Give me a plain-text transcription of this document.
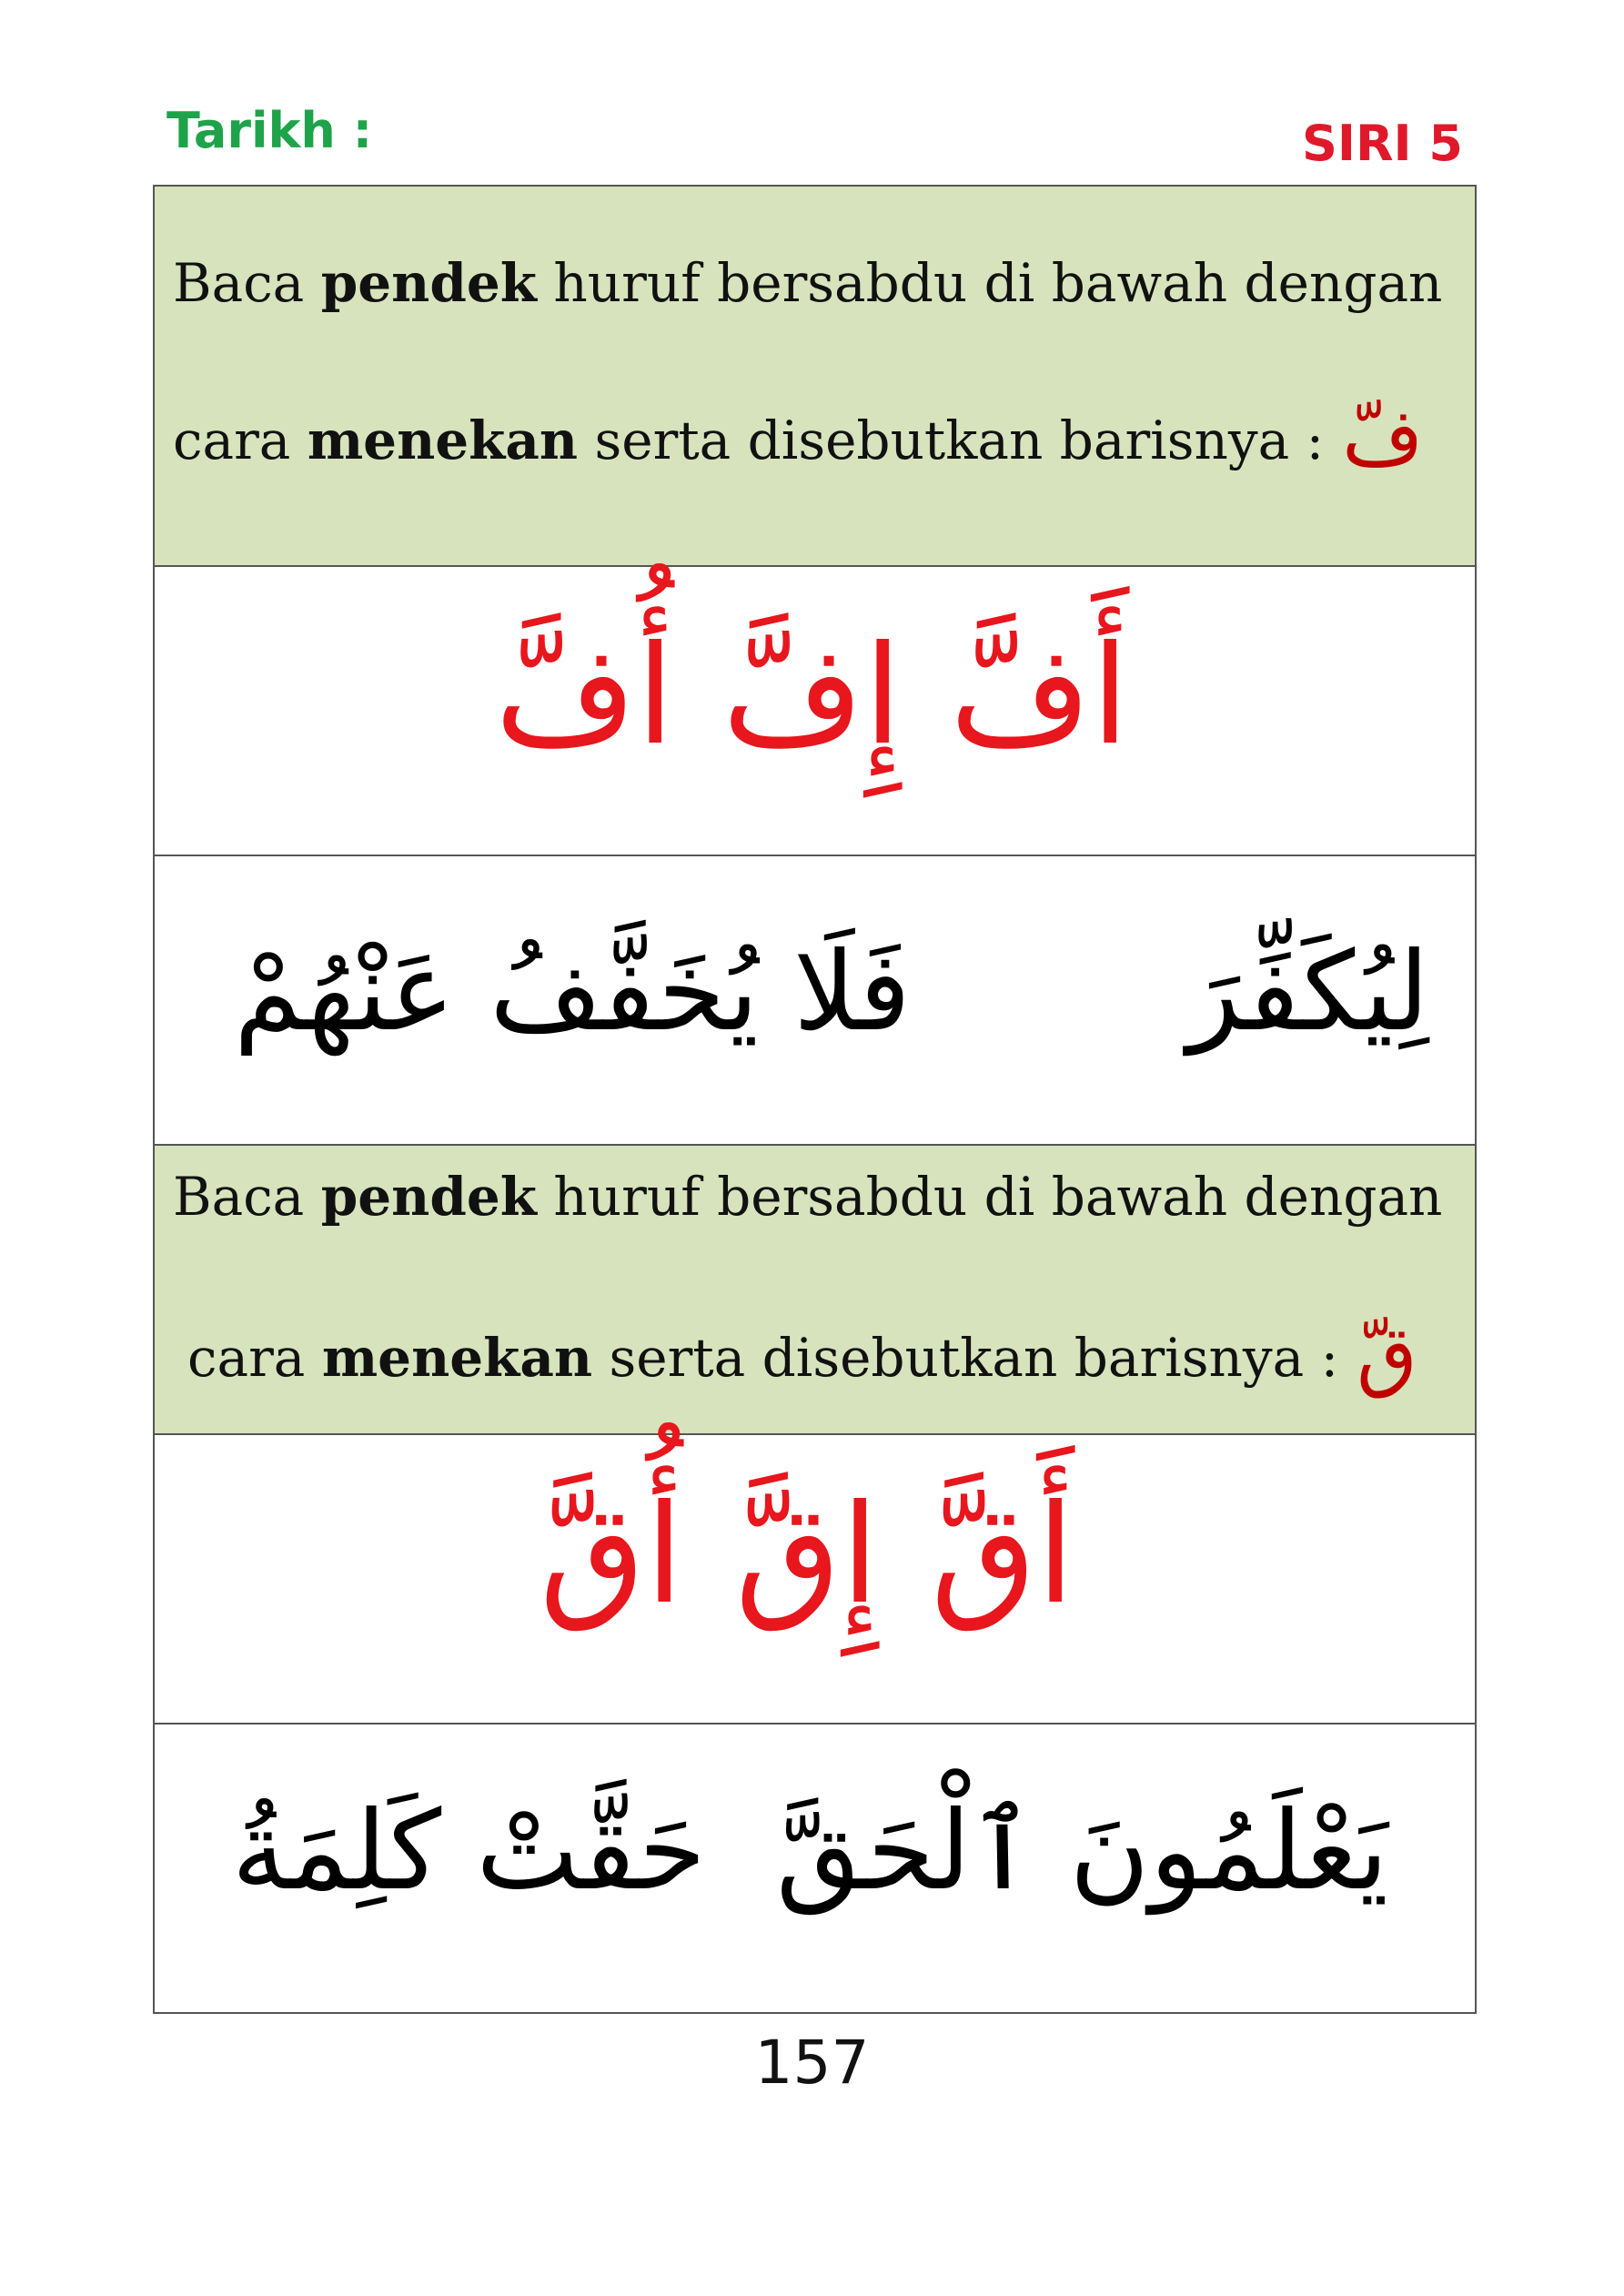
Tarikh :	SIRI 5
Baca pendek huruf bersabdu di bawah dengan
cara menekan serta disebutkan barisnya : فّ
أَفَّ
إِفَّ
أُفَّ
لِيُكَفِّرَ
فَلَا يُخَفَّفُ عَنْهُمْ
Baca pendek huruf bersabdu di bawah dengan
cara menekan serta disebutkan barisnya : قّ
أَقَّ
إِقَّ
أُقَّ
يَعْلَمُونَ ٱلْحَقَّ
حَقَّتْ كَلِمَةُ
157
